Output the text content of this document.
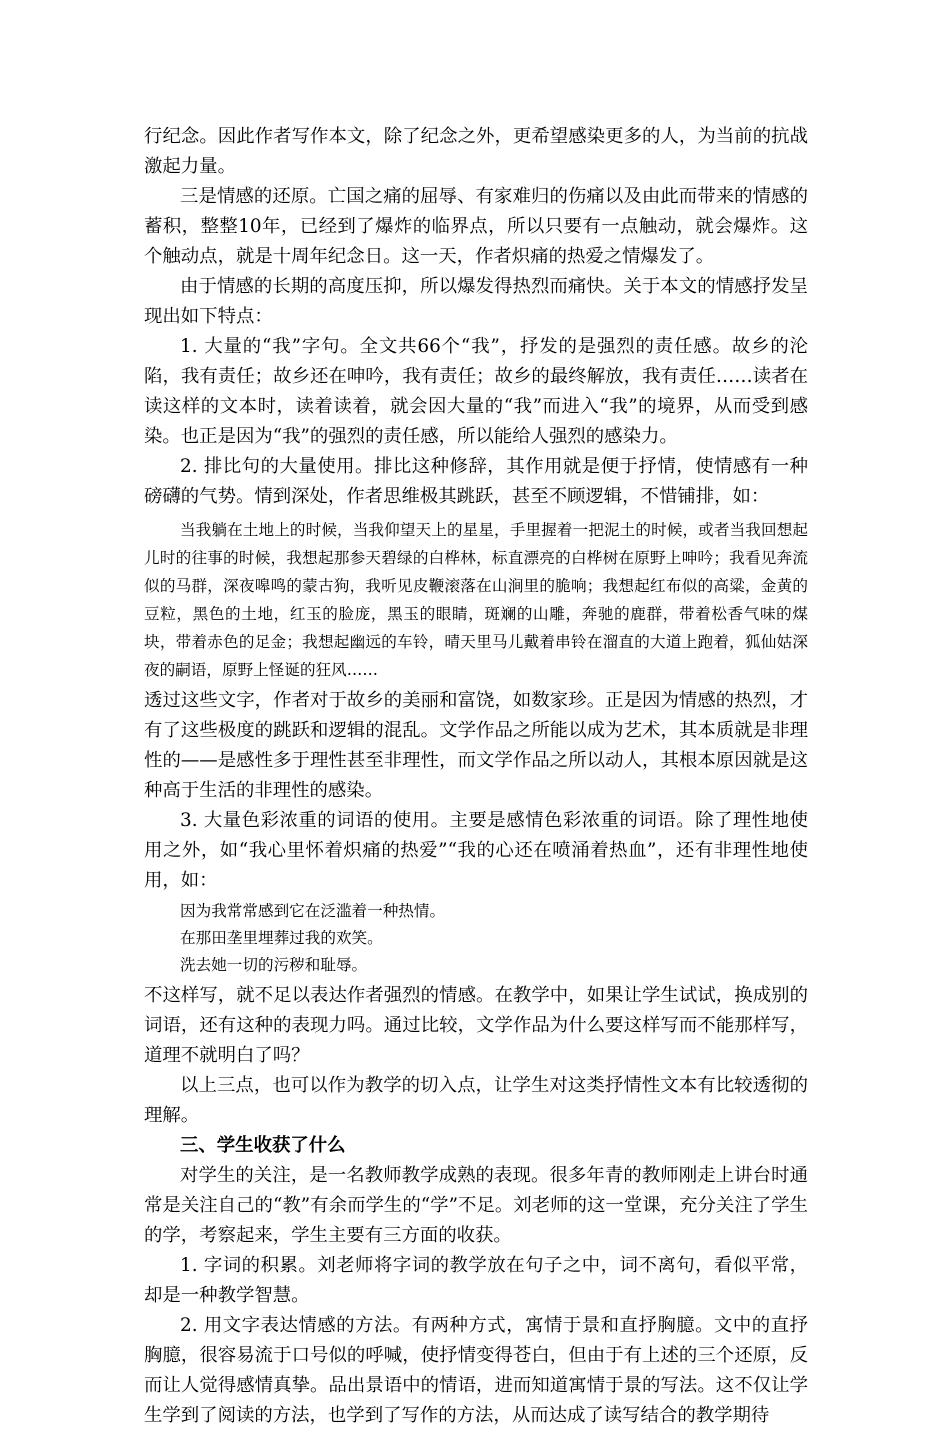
行纪念。因此作者写作本文，除了纪念之外，更希望感染更多的人，为当前的抗战激起力量。

三是情感的还原。亡国之痛的屈辱、有家难归的伤痛以及由此而带来的情感的蓄积，整整10年，已经到了爆炸的临界点，所以只要有一点触动，就会爆炸。这个触动点，就是十周年纪念日。这一天，作者炽痛的热爱之情爆发了。

由于情感的长期的高度压抑，所以爆发得热烈而痛快。关于本文的情感抒发呈现出如下特点：

1. 大量的“我”字句。全文共66个“我”，抒发的是强烈的责任感。故乡的沦陷，我有责任；故乡还在呻吟，我有责任；故乡的最终解放，我有责任……读者在读这样的文本时，读着读着，就会因大量的“我”而进入“我”的境界，从而受到感染。也正是因为“我”的强烈的责任感，所以能给人强烈的感染力。

2. 排比句的大量使用。排比这种修辞，其作用就是便于抒情，使情感有一种磅礴的气势。情到深处，作者思维极其跳跃，甚至不顾逻辑，不惜铺排，如：

当我躺在土地上的时候，当我仰望天上的星星，手里握着一把泥土的时候，或者当我回想起儿时的往事的时候，我想起那参天碧绿的白桦林，标直漂亮的白桦树在原野上呻吟；我看见奔流似的马群，深夜嗥鸣的蒙古狗，我听见皮鞭滚落在山涧里的脆响；我想起红布似的高粱，金黄的豆粒，黑色的土地，红玉的脸庞，黑玉的眼睛，斑斓的山雕，奔驰的鹿群，带着松香气味的煤块，带着赤色的足金；我想起幽远的车铃，晴天里马儿戴着串铃在溜直的大道上跑着，狐仙姑深夜的嗣语，原野上怪诞的狂风……

透过这些文字，作者对于故乡的美丽和富饶，如数家珍。正是因为情感的热烈，才有了这些极度的跳跃和逻辑的混乱。文学作品之所能以成为艺术，其本质就是非理性的——是感性多于理性甚至非理性，而文学作品之所以动人，其根本原因就是这种高于生活的非理性的感染。

3. 大量色彩浓重的词语的使用。主要是感情色彩浓重的词语。除了理性地使用之外，如“我心里怀着炽痛的热爱”“我的心还在喷涌着热血”，还有非理性地使用，如：

因为我常常感到它在泛滥着一种热情。

在那田垄里埋葬过我的欢笑。

洗去她一切的污秽和耻辱。

不这样写，就不足以表达作者强烈的情感。在教学中，如果让学生试试，换成别的词语，还有这种的表现力吗。通过比较，文学作品为什么要这样写而不能那样写，道理不就明白了吗？

以上三点，也可以作为教学的切入点，让学生对这类抒情性文本有比较透彻的理解。

三、学生收获了什么

对学生的关注，是一名教师教学成熟的表现。很多年青的教师刚走上讲台时通常是关注自己的“教”有余而学生的“学”不足。刘老师的这一堂课，充分关注了学生的学，考察起来，学生主要有三方面的收获。

1. 字词的积累。刘老师将字词的教学放在句子之中，词不离句，看似平常，却是一种教学智慧。

2. 用文字表达情感的方法。有两种方式，寓情于景和直抒胸臆。文中的直抒胸臆，很容易流于口号似的呼喊，使抒情变得苍白，但由于有上述的三个还原，反而让人觉得感情真挚。品出景语中的情语，进而知道寓情于景的写法。这不仅让学生学到了阅读的方法，也学到了写作的方法，从而达成了读写结合的教学期待
